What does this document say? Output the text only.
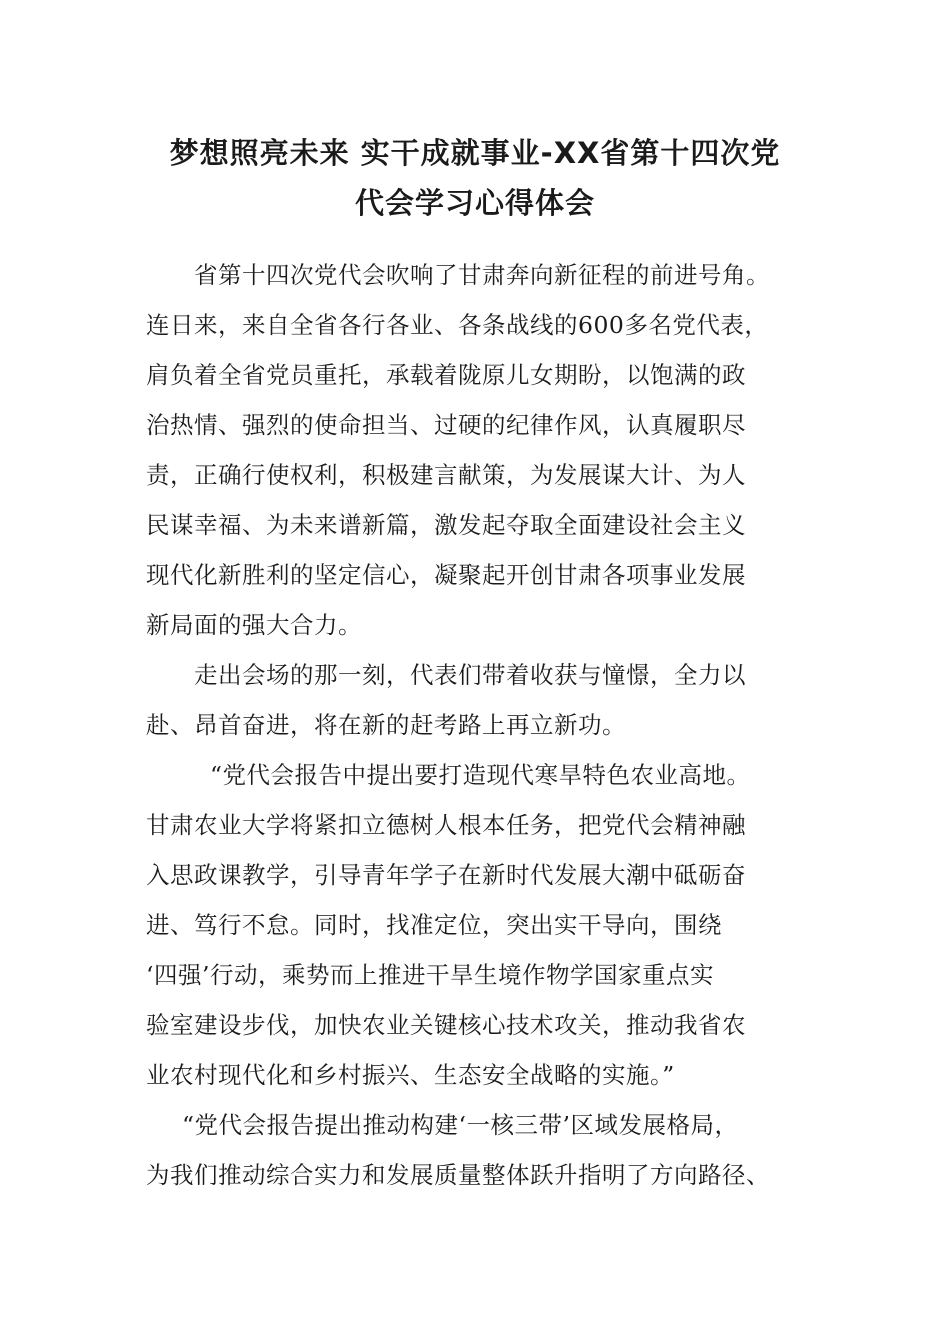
梦想照亮未来 实干成就事业-XX省第十四次党
代会学习心得体会

省第十四次党代会吹响了甘肃奔向新征程的前进号角。
连日来，来自全省各行各业、各条战线的600多名党代表，
肩负着全省党员重托，承载着陇原儿女期盼，以饱满的政
治热情、强烈的使命担当、过硬的纪律作风，认真履职尽
责，正确行使权利，积极建言献策，为发展谋大计、为人
民谋幸福、为未来谱新篇，激发起夺取全面建设社会主义
现代化新胜利的坚定信心，凝聚起开创甘肃各项事业发展
新局面的强大合力。

走出会场的那一刻，代表们带着收获与憧憬，全力以
赴、昂首奋进，将在新的赶考路上再立新功。

“党代会报告中提出要打造现代寒旱特色农业高地。
甘肃农业大学将紧扣立德树人根本任务，把党代会精神融
入思政课教学，引导青年学子在新时代发展大潮中砥砺奋
进、笃行不怠。同时，找准定位，突出实干导向，围绕
‘四强’行动，乘势而上推进干旱生境作物学国家重点实
验室建设步伐，加快农业关键核心技术攻关，推动我省农
业农村现代化和乡村振兴、生态安全战略的实施。”

“党代会报告提出推动构建‘一核三带’区域发展格局，
为我们推动综合实力和发展质量整体跃升指明了方向路径、
